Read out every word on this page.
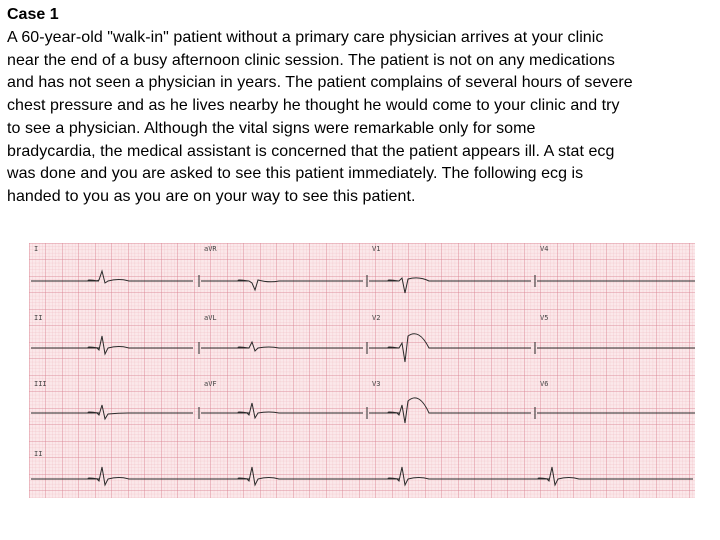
Case 1
A 60-year-old "walk-in" patient without a primary care physician arrives at your clinic
near the end of a busy afternoon clinic session. The patient is not on any medications
and has not seen a physician in years. The patient complains of several hours of severe
chest pressure and as he lives nearby he thought he would come to your clinic and try
to see a physician. Although the vital signs were remarkable only for some
bradycardia, the medical assistant is concerned that the patient appears ill. A stat ecg
was done and you are asked to see this patient immediately. The following ecg is
handed to you as you are on your way to see this patient.
I	aVR	V1	V4
II	aVL	V2	V5
III	aVF	V3	V6
II
